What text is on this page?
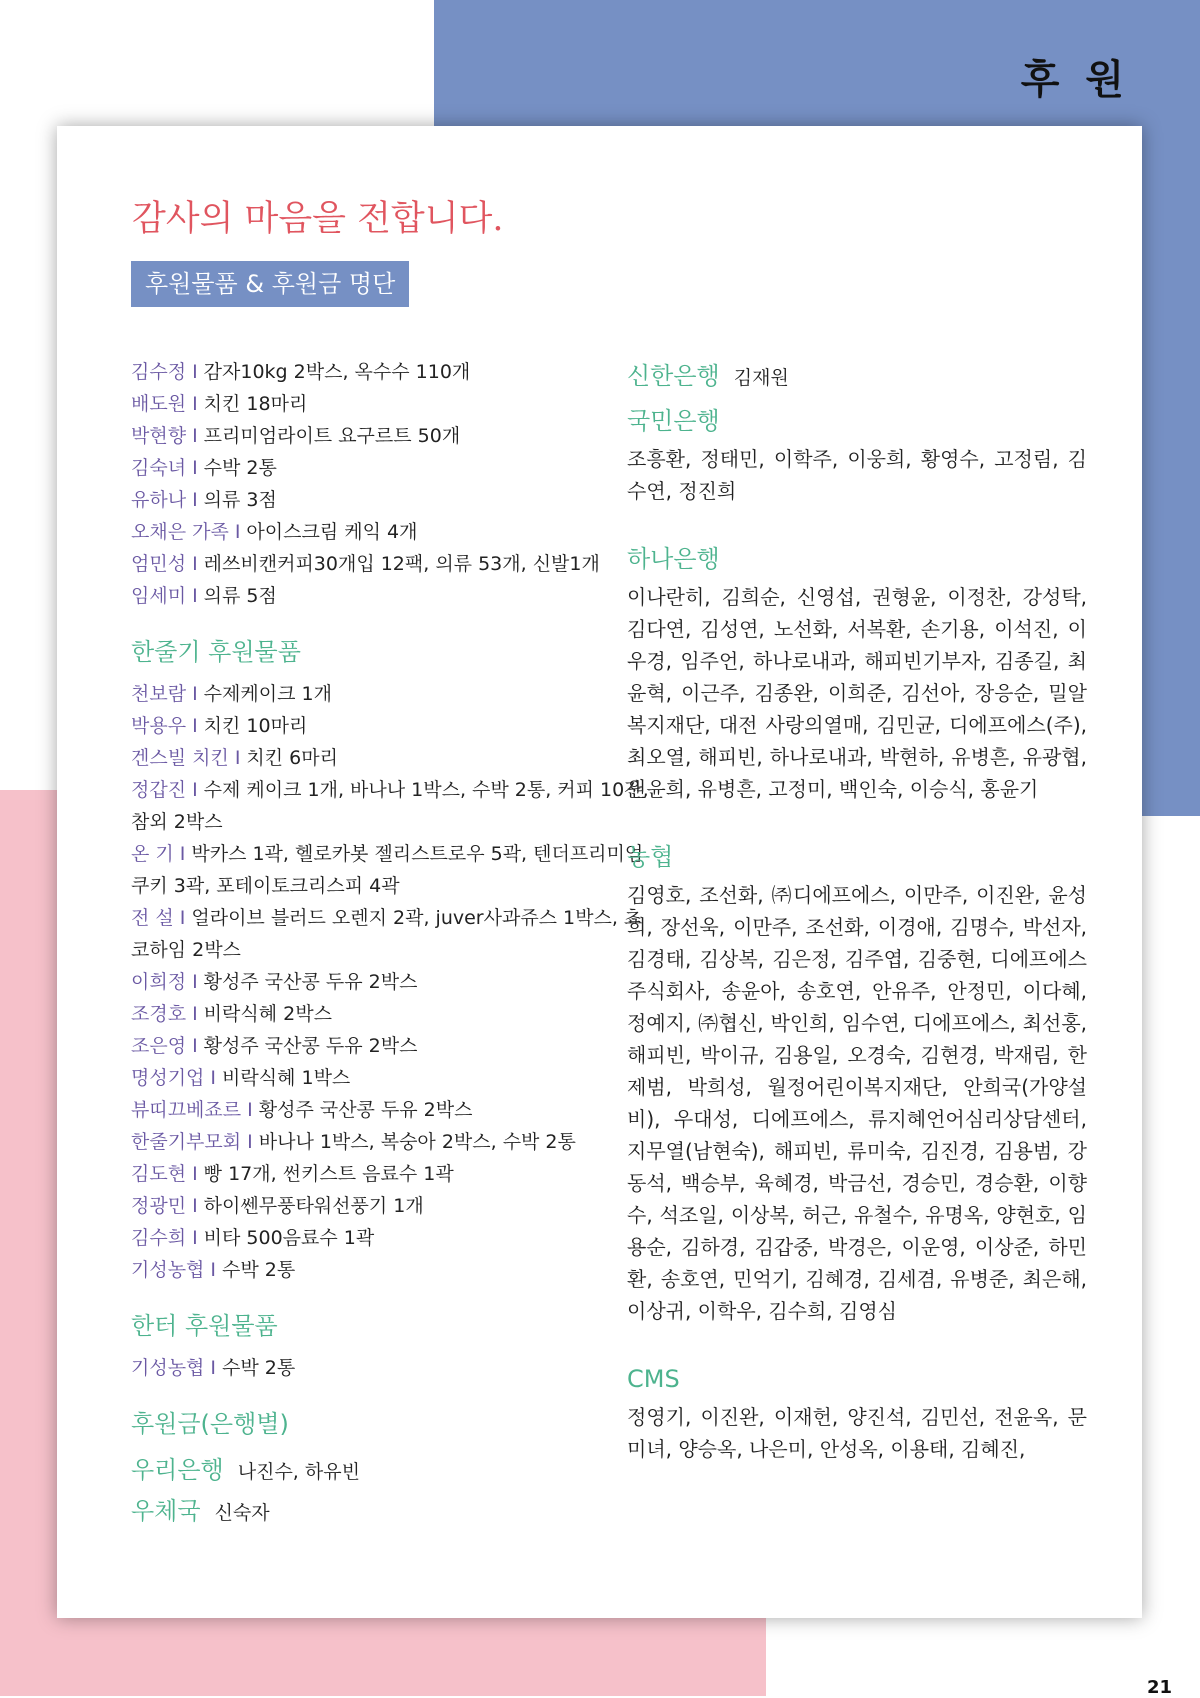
후 원
21
감사의 마음을 전합니다.
후원물품 & 후원금 명단
김수정 I 감자10kg 2박스, 옥수수 110개
배도원 I 치킨 18마리
박현향 I 프리미엄라이트 요구르트 50개
김숙녀 I 수박 2통
유하나 I 의류 3점
오채은 가족 I 아이스크림 케익 4개
엄민성 I 레쓰비캔커피30개입 12팩, 의류 53개, 신발1개
임세미 I 의류 5점
한줄기 후원물품
천보람 I 수제케이크 1개
박용우 I 치킨 10마리
겐스빌 치킨 I 치킨 6마리
정갑진 I 수제 케이크 1개, 바나나 1박스, 수박 2통, 커피 10잔, 참외 2박스
온 기 I 박카스 1곽, 헬로카봇 젤리스트로우 5곽, 텐더프리미엄쿠키 3곽, 포테이토크리스피 4곽
전 설 I 얼라이브 블러드 오렌지 2곽, juver사과쥬스 1박스, 쵸코하임 2박스
이희정 I 황성주 국산콩 두유 2박스
조경호 I 비락식혜 2박스
조은영 I 황성주 국산콩 두유 2박스
명성기업 I 비락식혜 1박스
뷰띠끄베죠르 I 황성주 국산콩 두유 2박스
한줄기부모회 I 바나나 1박스, 복숭아 2박스, 수박 2통
김도현 I 빵 17개, 썬키스트 음료수 1곽
정광민 I 하이쎈무풍타워선풍기 1개
김수희 I 비타 500음료수 1곽
기성농협 I 수박 2통
한터 후원물품
기성농협 I 수박 2통
후원금(은행별)
우리은행 나진수, 하유빈
우체국 신숙자
신한은행 김재원
국민은행
조흥환, 정태민, 이학주, 이웅희, 황영수, 고정림, 김수연, 정진희
하나은행
이나란히, 김희순, 신영섭, 권형윤, 이정찬, 강성탁, 김다연, 김성연, 노선화, 서복환, 손기용, 이석진, 이우경, 임주언, 하나로내과, 해피빈기부자, 김종길, 최윤혁, 이근주, 김종완, 이희준, 김선아, 장응순, 밀알복지재단, 대전 사랑의열매, 김민균, 디에프에스(주), 최오열, 해피빈, 하나로내과, 박현하, 유병흔, 유광협, 원윤희, 유병흔, 고정미, 백인숙, 이승식, 홍윤기
농협
김영호, 조선화, ㈜디에프에스, 이만주, 이진완, 윤성희, 장선욱, 이만주, 조선화, 이경애, 김명수, 박선자, 김경태, 김상복, 김은정, 김주엽, 김중현, 디에프에스 주식회사, 송윤아, 송호연, 안유주, 안정민, 이다혜, 정예지, ㈜협신, 박인희, 임수연, 디에프에스, 최선홍, 해피빈, 박이규, 김용일, 오경숙, 김현경, 박재림, 한제범, 박희성, 월정어린이복지재단, 안희국(가양설비), 우대성, 디에프에스, 류지혜언어심리상담센터, 지무열(남현숙), 해피빈, 류미숙, 김진경, 김용범, 강동석, 백승부, 육혜경, 박금선, 경승민, 경승환, 이향수, 석조일, 이상복, 허근, 유철수, 유명옥, 양현호, 임용순, 김하경, 김갑중, 박경은, 이운영, 이상준, 하민환, 송호연, 민억기, 김혜경, 김세겸, 유병준, 최은해, 이상귀, 이학우, 김수희, 김영심
CMS
정영기, 이진완, 이재헌, 양진석, 김민선, 전윤옥, 문미녀, 양승옥, 나은미, 안성옥, 이용태, 김혜진,
